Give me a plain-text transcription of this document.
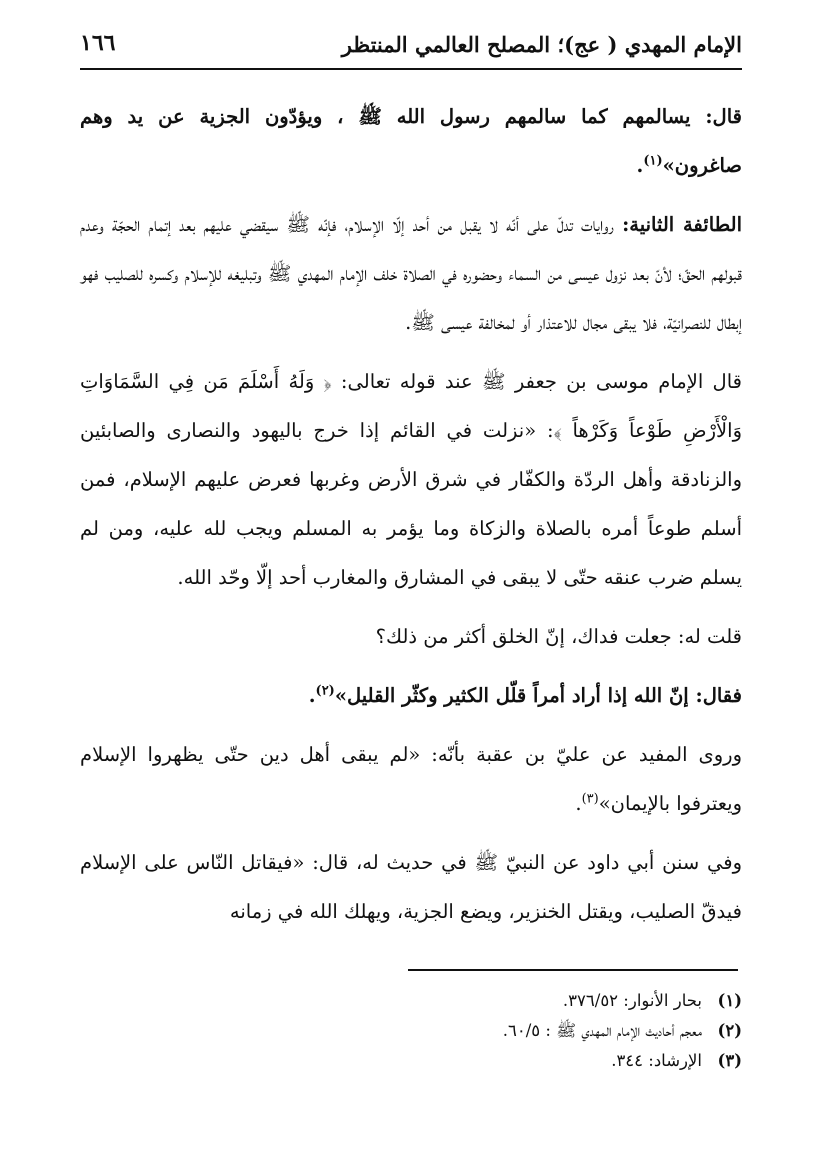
الإمام المهدي ( عج)؛ المصلح العالمي المنتظر
١٦٦

قال: يسالمهم كما سالمهم رسول الله ﷺ ، ويؤدّون الجزية عن يد وهم صاغرون»$^{(١)}$.

الطائفة الثانية: روايات تدلّ على أنّه لا يقبل من أحد إلّا الإسلام، فإنّه ﷺ سيقضي عليهم بعد إتمام الحجّة وعدم قبولهم الحقّ؛ لأنّ بعد نزول عيسى من السماء وحضوره في الصلاة خلف الإمام المهدي ﷺ وتبليغه للإسلام وكسره للصليب فهو إبطال للنصرانيّة، فلا يبقى مجال للاعتذار أو لمخالفة عيسى ﷺ.

قال الإمام موسى بن جعفر ﷺ عند قوله تعالى: ﴿ وَلَهُ أَسْلَمَ مَن فِي السَّمَاوَاتِ وَالْأَرْضِ طَوْعاً وَكَرْهاً ﴾: «نزلت في القائم إذا خرج باليهود والنصارى والصابئين والزنادقة وأهل الردّة والكفّار في شرق الأرض وغربها فعرض عليهم الإسلام، فمن أسلم طوعاً أمره بالصلاة والزكاة وما يؤمر به المسلم ويجب لله عليه، ومن لم يسلم ضرب عنقه حتّى لا يبقى في المشارق والمغارب أحد إلّا وحّد الله.

قلت له: جعلت فداك، إنّ الخلق أكثر من ذلك؟

فقال: إنّ الله إذا أراد أمراً قلّل الكثير وكثّر القليل»$^{(٢)}$.

وروى المفيد عن عليّ بن عقبة بأنّه: «لم يبقى أهل دين حتّى يظهروا الإسلام ويعترفوا بالإيمان»$^{(٣)}$.

وفي سنن أبي داود عن النبيّ ﷺ في حديث له، قال: «فيقاتل النّاس على الإسلام فيدقّ الصليب، ويقتل الخنزير، ويضع الجزية، ويهلك الله في زمانه

(١)بحار الأنوار: ٣٧٦/٥٢.
(٢)معجم أحاديث الإمام المهدي ﷺ : ٦٠/٥.
(٣)الإرشاد: ٣٤٤.
